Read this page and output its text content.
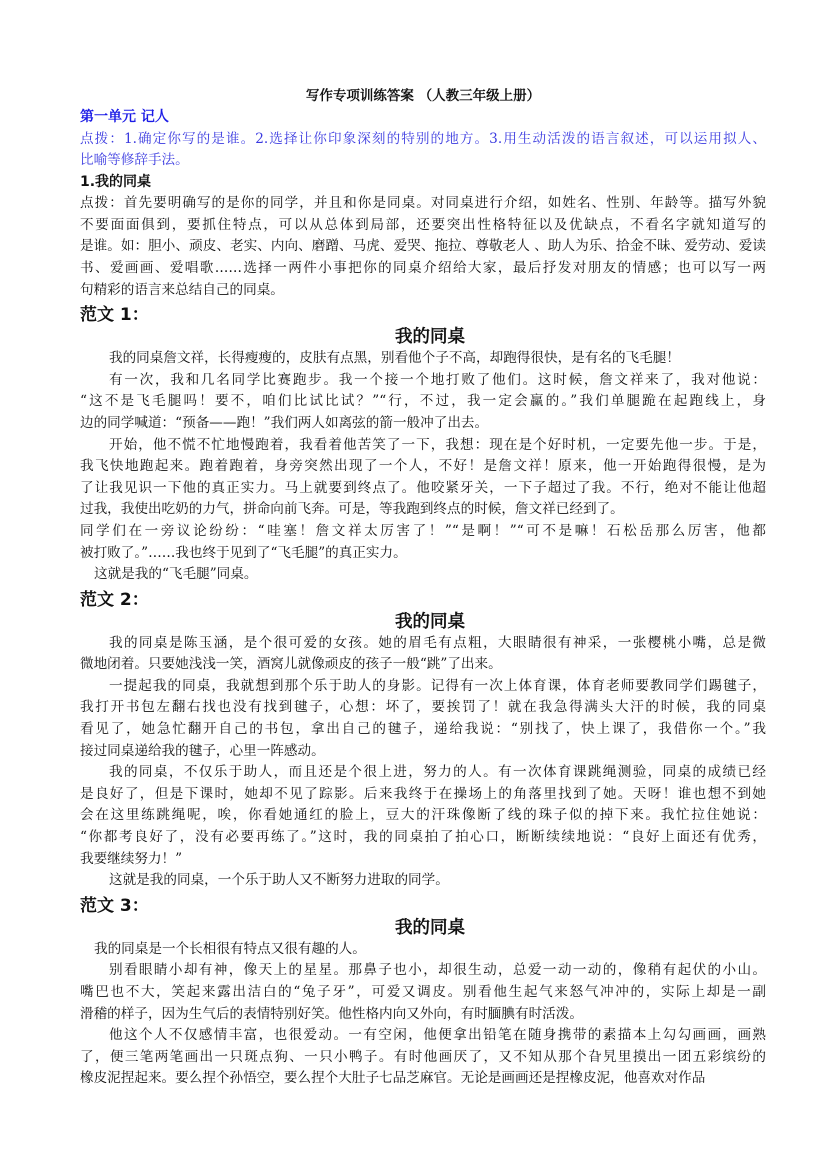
写作专项训练答案 （人教三年级上册）
第一单元 记人
点拨：1.确定你写的是谁。2.选择让你印象深刻的特别的地方。3.用生动活泼的语言叙述，可以运用拟人、
比喻等修辞手法。
1.我的同桌
点拨：首先要明确写的是你的同学，并且和你是同桌。对同桌进行介绍，如姓名、性别、年龄等。描写外貌
不要面面俱到，要抓住特点，可以从总体到局部，还要突出性格特征以及优缺点，不看名字就知道写的
是谁。如：胆小、顽皮、老实、内向、磨蹭、马虎、爱哭、拖拉、尊敬老人 、助人为乐、拾金不昧、爱劳动、爱读
书、爱画画、爱唱歌……选择一两件小事把你的同桌介绍给大家，最后抒发对朋友的情感；也可以写一两
句精彩的语言来总结自己的同桌。
范文 1：
我的同桌
我的同桌詹文祥，长得瘦瘦的，皮肤有点黑，别看他个子不高，却跑得很快，是有名的飞毛腿！
有一次，我和几名同学比赛跑步。我一个接一个地打败了他们。这时候，詹文祥来了，我对他说：
“这不是飞毛腿吗！要不，咱们比试比试？”“行，不过，我一定会赢的。”我们单腿跪在起跑线上，身
边的同学喊道：“预备——跑！”我们两人如离弦的箭一般冲了出去。
开始，他不慌不忙地慢跑着，我看着他苦笑了一下，我想：现在是个好时机，一定要先他一步。于是，
我飞快地跑起来。跑着跑着，身旁突然出现了一个人，不好！是詹文祥！原来，他一开始跑得很慢，是为
了让我见识一下他的真正实力。马上就要到终点了。他咬紧牙关，一下子超过了我。不行，绝对不能让他超
过我，我使出吃奶的力气，拼命向前飞奔。可是，等我跑到终点的时候，詹文祥已经到了。
同学们在一旁议论纷纷：“哇塞！詹文祥太厉害了！”“是啊！”“可不是嘛！石松岳那么厉害，他都
被打败了。”……我也终于见到了“飞毛腿”的真正实力。
这就是我的“飞毛腿”同桌。
范文 2：
我的同桌
我的同桌是陈玉涵，是个很可爱的女孩。她的眉毛有点粗，大眼睛很有神采，一张樱桃小嘴，总是微
微地闭着。只要她浅浅一笑，酒窝儿就像顽皮的孩子一般“跳”了出来。
一提起我的同桌，我就想到那个乐于助人的身影。记得有一次上体育课，体育老师要教同学们踢毽子，
我打开书包左翻右找也没有找到毽子，心想：坏了，要挨罚了！就在我急得满头大汗的时候，我的同桌
看见了，她急忙翻开自己的书包，拿出自己的毽子，递给我说：“别找了，快上课了，我借你一个。”我
接过同桌递给我的毽子，心里一阵感动。
我的同桌，不仅乐于助人，而且还是个很上进，努力的人。有一次体育课跳绳测验，同桌的成绩已经
是良好了，但是下课时，她却不见了踪影。后来我终于在操场上的角落里找到了她。天呀！谁也想不到她
会在这里练跳绳呢，唉，你看她通红的脸上，豆大的汗珠像断了线的珠子似的掉下来。我忙拉住她说：
“你都考良好了，没有必要再练了。”这时，我的同桌拍了拍心口，断断续续地说：“良好上面还有优秀，
我要继续努力！”
这就是我的同桌，一个乐于助人又不断努力进取的同学。
范文 3：
我的同桌
我的同桌是一个长相很有特点又很有趣的人。
别看眼睛小却有神，像天上的星星。那鼻子也小，却很生动，总爱一动一动的，像稍有起伏的小山。
嘴巴也不大，笑起来露出洁白的“兔子牙”，可爱又调皮。别看他生起气来怒气冲冲的，实际上却是一副
滑稽的样子，因为生气后的表情特别好笑。他性格内向又外向，有时腼腆有时活泼。
他这个人不仅感情丰富，也很爱动。一有空闲，他便拿出铅笔在随身携带的素描本上勾勾画画，画熟
了，便三笔两笔画出一只斑点狗、一只小鸭子。有时他画厌了，又不知从那个旮旯里摸出一团五彩缤纷的
橡皮泥捏起来。要么捏个孙悟空，要么捏个大肚子七品芝麻官。无论是画画还是捏橡皮泥，他喜欢对作品
